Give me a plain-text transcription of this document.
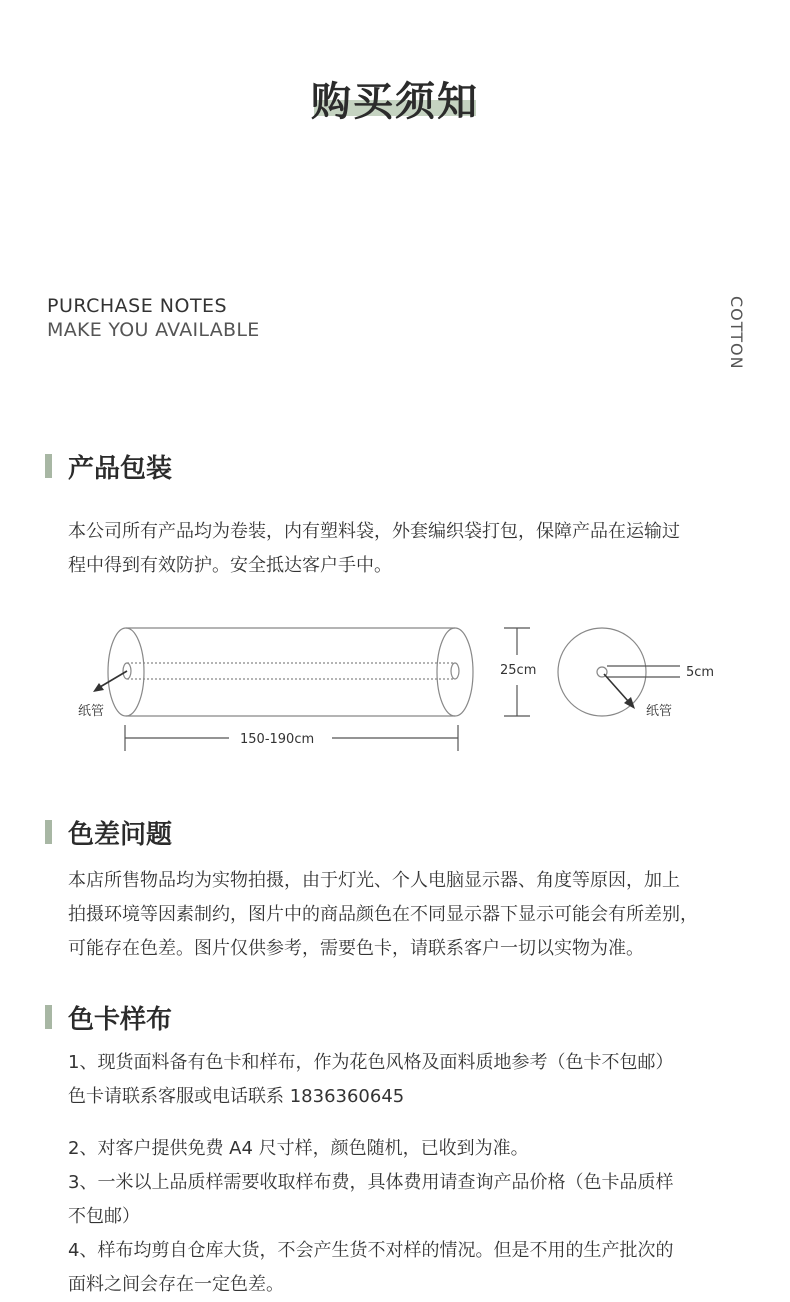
购买须知
PURCHASE NOTES
MAKE YOU AVAILABLE	COTTON
产品包装
本公司所有产品均为卷装，内有塑料袋，外套编织袋打包，保障产品在运输过
程中得到有效防护。安全抵达客户手中。
纸管
150-190cm
25cm	5cm
纸管
色差问题
本店所售物品均为实物拍摄，由于灯光、个人电脑显示器、角度等原因，加上
拍摄环境等因素制约，图片中的商品颜色在不同显示器下显示可能会有所差别，
可能存在色差。图片仅供参考，需要色卡，请联系客户一切以实物为准。
色卡样布
1、现货面料备有色卡和样布，作为花色风格及面料质地参考（色卡不包邮）
色卡请联系客服或电话联系 1836360645
2、对客户提供免费 A4 尺寸样，颜色随机，已收到为准。
3、一米以上品质样需要收取样布费，具体费用请查询产品价格（色卡品质样
不包邮）
4、样布均剪自仓库大货，不会产生货不对样的情况。但是不用的生产批次的
面料之间会存在一定色差。
